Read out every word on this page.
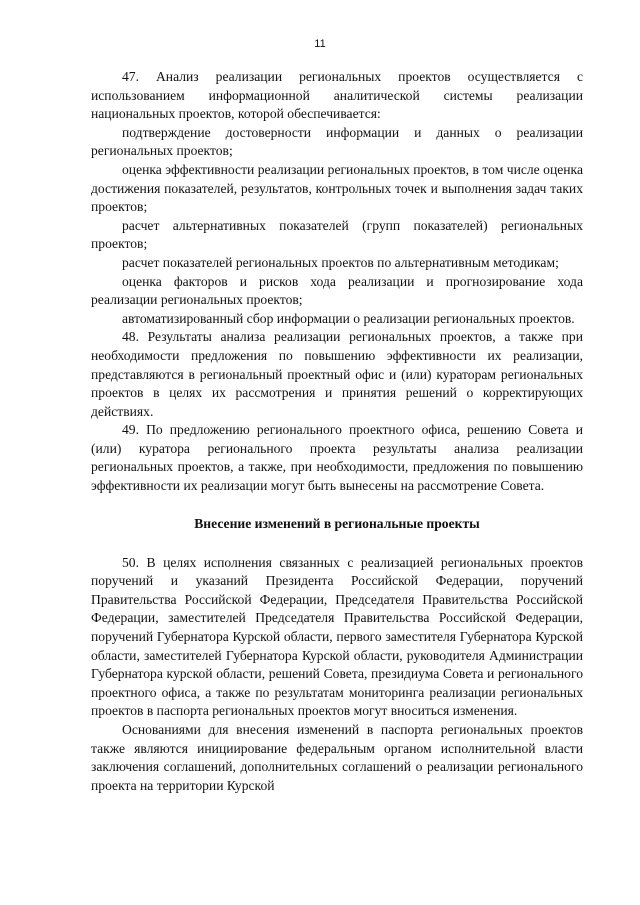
11

47. Анализ реализации региональных проектов осуществляется с использованием информационной аналитической системы реализации национальных проектов, которой обеспечивается:

подтверждение достоверности информации и данных о реализации региональных проектов;

оценка эффективности реализации региональных проектов, в том числе оценка достижения показателей, результатов, контрольных точек и выполнения задач таких проектов;

расчет альтернативных показателей (групп показателей) региональных проектов;

расчет показателей региональных проектов по альтернативным методикам;

оценка факторов и рисков хода реализации и прогнозирование хода реализации региональных проектов;

автоматизированный сбор информации о реализации региональных проектов.

48. Результаты анализа реализации региональных проектов, а также при необходимости предложения по повышению эффективности их реализации, представляются в региональный проектный офис и (или) кураторам региональных проектов в целях их рассмотрения и принятия решений о корректирующих действиях.

49. По предложению регионального проектного офиса, решению Совета и (или) куратора регионального проекта результаты анализа реализации региональных проектов, а также, при необходимости, предложения по повышению эффективности их реализации могут быть вынесены на рассмотрение Совета.

Внесение изменений в региональные проекты

50. В целях исполнения связанных с реализацией региональных проектов поручений и указаний Президента Российской Федерации, поручений Правительства Российской Федерации, Председателя Правительства Российской Федерации, заместителей Председателя Правительства Российской Федерации, поручений Губернатора Курской области, первого заместителя Губернатора Курской области, заместителей Губернатора Курской области, руководителя Администрации Губернатора курской области, решений Совета, президиума Совета и регионального проектного офиса, а также по результатам мониторинга реализации региональных проектов в паспорта региональных проектов могут вноситься изменения.

Основаниями для внесения изменений в паспорта региональных проектов также являются инициирование федеральным органом исполнительной власти заключения соглашений, дополнительных соглашений о реализации регионального проекта на территории Курской
